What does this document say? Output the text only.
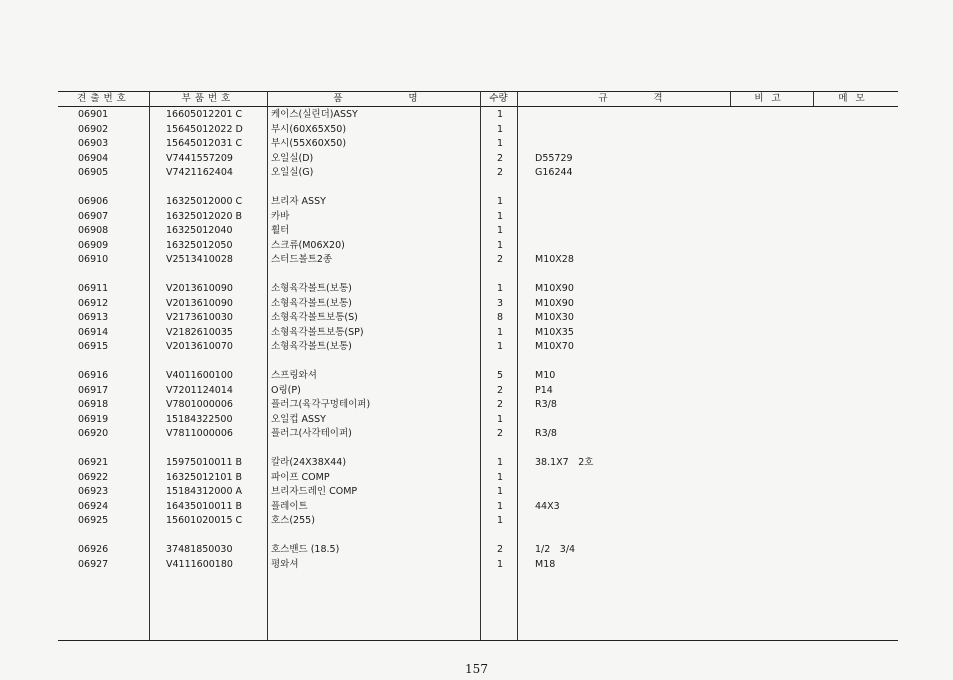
견출번호	부품번호	품	명	수량	규	격	비고	메모
06901	16605012201 C	케이스(실린더)ASSY	1
06902	15645012022 D	부시(60X65X50)	1
06903	15645012031 C	부시(55X60X50)	1
06904	V7441557209	오일실(D)	2	D55729
06905	V7421162404	오일실(G)	2	G16244
06906	16325012000 C	브리자 ASSY	1
06907	16325012020 B	카바	1
06908	16325012040	휠터	1
06909	16325012050	스크류(M06X20)	1
06910	V2513410028	스터드볼트2종	2	M10X28
06911	V2013610090	소형육각볼트(보통)	1	M10X90
06912	V2013610090	소형육각볼트(보통)	3	M10X90
06913	V2173610030	소형육각볼트보통(S)	8	M10X30
06914	V2182610035	소형육각볼트보통(SP)	1	M10X35
06915	V2013610070	소형육각볼트(보통)	1	M10X70
06916	V4011600100	스프링와셔	5	M10
06917	V7201124014	O링(P)	2	P14
06918	V7801000006	플러그(육각구멍테이퍼)	2	R3/8
06919	15184322500	오일컵 ASSY	1
06920	V7811000006	플러그(사각테이퍼)	2	R3/8
06921	15975010011 B	칼라(24X38X44)	1	38.1X7　2호
06922	16325012101 B	파이프 COMP	1
06923	15184312000 A	브리자드레인 COMP	1
06924	16435010011 B	플레이트	1	44X3
06925	15601020015 C	호스(255)	1
06926	37481850030	호스밴드 (18.5)	2	1/2　3/4
06927	V4111600180	평와셔	1	M18
157
